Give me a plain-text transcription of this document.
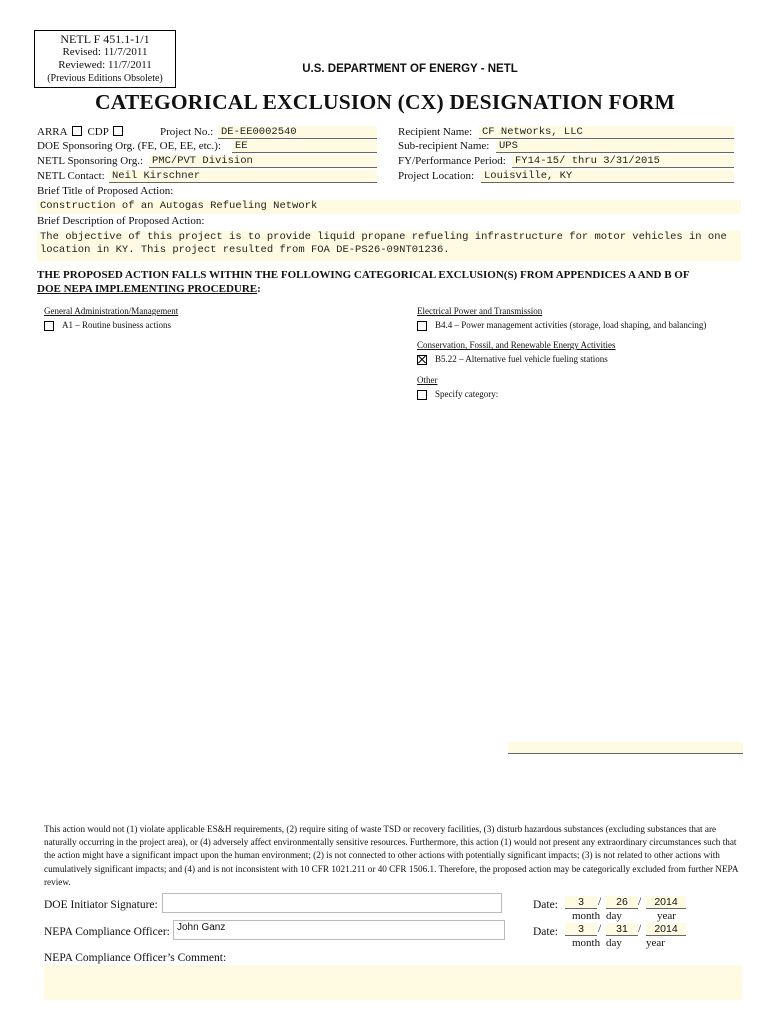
NETL F 451.1-1/1
Revised: 11/7/2011
Reviewed: 11/7/2011
(Previous Editions Obsolete)
U.S. DEPARTMENT OF ENERGY - NETL
CATEGORICAL EXCLUSION (CX) DESIGNATION FORM
ARRA CDP	Project No.: DE-EE0002540
DOE Sponsoring Org. (FE, OE, EE, etc.): EE
NETL Sponsoring Org.: PMC/PVT Division
NETL Contact: Neil Kirschner
Recipient Name: CF Networks, LLC
Sub-recipient Name: UPS
FY/Performance Period: FY14-15/ thru 3/31/2015
Project Location: Louisville, KY
Brief Title of Proposed Action:
Construction of an Autogas Refueling Network
Brief Description of Proposed Action:
The objective of this project is to provide liquid propane refueling infrastructure for motor vehicles in one location in KY. This project resulted from FOA DE-PS26-09NT01236.
THE PROPOSED ACTION FALLS WITHIN THE FOLLOWING CATEGORICAL EXCLUSION(S) FROM APPENDICES A AND B OF
DOE NEPA IMPLEMENTING PROCEDURE:
General Administration/Management
A1 – Routine business actions
Electrical Power and Transmission
B4.4 – Power management activities (storage, load shaping, and balancing)
Conservation, Fossil, and Renewable Energy Activities
B5.22 – Alternative fuel vehicle fueling stations
Other
Specify category:
This action would not (1) violate applicable ES&H requirements, (2) require siting of waste TSD or recovery facilities, (3) disturb hazardous substances (excluding substances that are naturally occurring in the project area), or (4) adversely affect environmentally sensitive resources. Furthermore, this action (1) would not present any extraordinary circumstances such that the action might have a significant impact upon the human environment; (2) is not connected to other actions with potentially significant impacts; (3) is not related to other actions with cumulatively significant impacts; and (4) and is not inconsistent with 10 CFR 1021.211 or 40 CFR 1506.1. Therefore, the proposed action may be categorically excluded from further NEPA review.
DOE Initiator Signature:
NEPA Compliance Officer: John Ganz
Date:	3	/	26 /	2014
month day	year
Date:	3	/	31 /	2014
month day year
NEPA Compliance Officer’s Comment:
